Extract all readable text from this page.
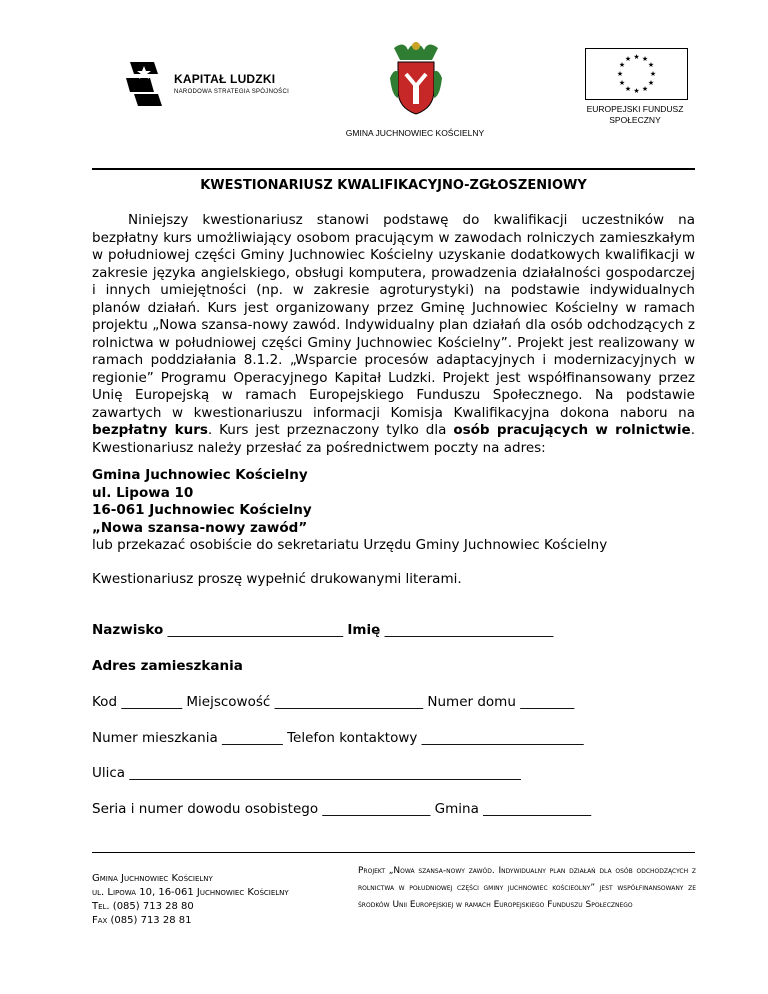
KAPITAŁ LUDZKI
NARODOWA STRATEGIA SPÓJNOŚCI
GMINA JUCHNOWIEC KOŚCIELNY
★ ★
★
★
★
★
★
★
★
★
★
★
EUROPEJSKI FUNDUSZ
SPOŁECZNY
KWESTIONARIUSZ KWALIFIKACYJNO-ZGŁOSZENIOWY

Niniejszy kwestionariusz stanowi podstawę do kwalifikacji uczestników na bezpłatny kurs umożliwiający osobom pracującym w zawodach rolniczych zamieszkałym w południowej części Gminy Juchnowiec Kościelny uzyskanie dodatkowych kwalifikacji w zakresie języka angielskiego, obsługi komputera, prowadzenia działalności gospodarczej i innych umiejętności (np. w zakresie agroturystyki) na podstawie indywidualnych planów działań. Kurs jest organizowany przez Gminę Juchnowiec Kościelny w ramach projektu „Nowa szansa-nowy zawód. Indywidualny plan działań dla osób odchodzących z rolnictwa w południowej części Gminy Juchnowiec Kościelny”. Projekt jest realizowany w ramach poddziałania 8.1.2. „Wsparcie procesów adaptacyjnych i modernizacyjnych w regionie” Programu Operacyjnego Kapitał Ludzki. Projekt jest współfinansowany przez Unię Europejską w ramach Europejskiego Funduszu Społecznego. Na podstawie zawartych w kwestionariuszu informacji Komisja Kwalifikacyjna dokona naboru na bezpłatny kurs. Kurs jest przeznaczony tylko dla osób pracujących w rolnictwie. Kwestionariusz należy przesłać za pośrednictwem poczty na adres:

Gmina Juchnowiec Kościelny
ul. Lipowa 10
16-061 Juchnowiec Kościelny
„Nowa szansa-nowy zawód”
lub przekazać osobiście do sekretariatu Urzędu Gminy Juchnowiec Kościelny
Kwestionariusz proszę wypełnić drukowanymi literami.
Nazwisko __________________________ Imię _________________________
Adres zamieszkania
Kod _________ Miejscowość ______________________ Numer domu ________
Numer mieszkania _________ Telefon kontaktowy ________________________
Ulica __________________________________________________________
Seria i numer dowodu osobistego ________________ Gmina ________________
Gmina Juchnowiec Kościelny
ul. Lipowa 10, 16-061 Juchnowiec Kościelny
Tel. (085) 713 28 80
Fax (085) 713 28 81
Projekt „Nowa szansa-nowy zawód. Indywidualny plan działań dla osób odchodzących z rolnictwa w południowej części gminy juchnowiec kościeolny” jest współfinansowany ze środków Unii Europejskiej w ramach Europejskiego Funduszu Społecznego
